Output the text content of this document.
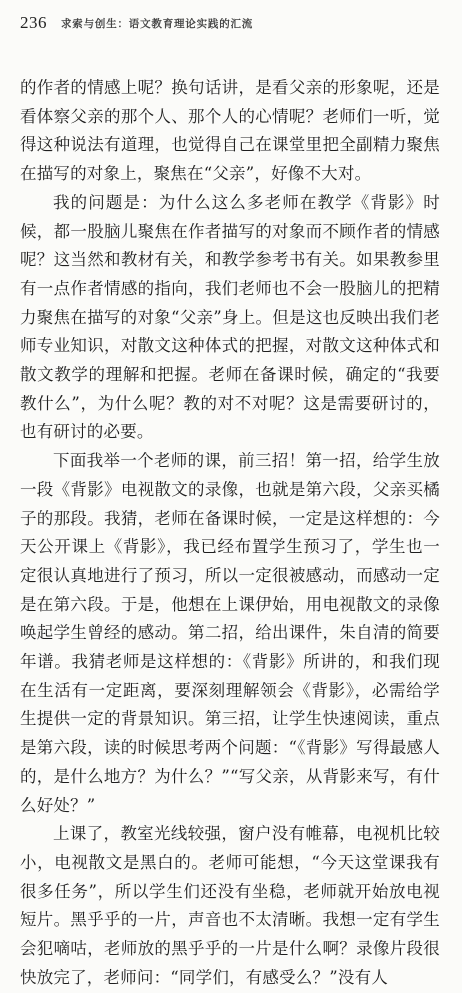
236 求索与创生：语文教育理论实践的汇流

的作者的情感上呢？换句话讲，是看父亲的形象呢，还是看体察父亲的那个人、那个人的心情呢？老师们一听，觉得这种说法有道理，也觉得自己在课堂里把全副精力聚焦在描写的对象上，聚焦在“父亲”，好像不大对。

我的问题是：为什么这么多老师在教学《背影》时候，都一股脑儿聚焦在作者描写的对象而不顾作者的情感呢？这当然和教材有关，和教学参考书有关。如果教参里有一点作者情感的指向，我们老师也不会一股脑儿的把精力聚焦在描写的对象“父亲”身上。但是这也反映出我们老师专业知识，对散文这种体式的把握，对散文这种体式和散文教学的理解和把握。老师在备课时候，确定的“我要教什么”，为什么呢？教的对不对呢？这是需要研讨的，也有研讨的必要。

下面我举一个老师的课，前三招！第一招，给学生放一段《背影》电视散文的录像，也就是第六段，父亲买橘子的那段。我猜，老师在备课时候，一定是这样想的：今天公开课上《背影》，我已经布置学生预习了，学生也一定很认真地进行了预习，所以一定很被感动，而感动一定是在第六段。于是，他想在上课伊始，用电视散文的录像唤起学生曾经的感动。第二招，给出课件，朱自清的简要年谱。我猜老师是这样想的：《背影》所讲的，和我们现在生活有一定距离，要深刻理解领会《背影》，必需给学生提供一定的背景知识。第三招，让学生快速阅读，重点是第六段，读的时候思考两个问题：“《背影》写得最感人的，是什么地方？为什么？”“写父亲，从背影来写，有什么好处？”

上课了，教室光线较强，窗户没有帷幕，电视机比较小，电视散文是黑白的。老师可能想，“今天这堂课我有很多任务”，所以学生们还没有坐稳，老师就开始放电视短片。黑乎乎的一片，声音也不太清晰。我想一定有学生会犯嘀咕，老师放的黑乎乎的一片是什么啊？录像片段很快放完了，老师问：“同学们，有感受么？”没有人
